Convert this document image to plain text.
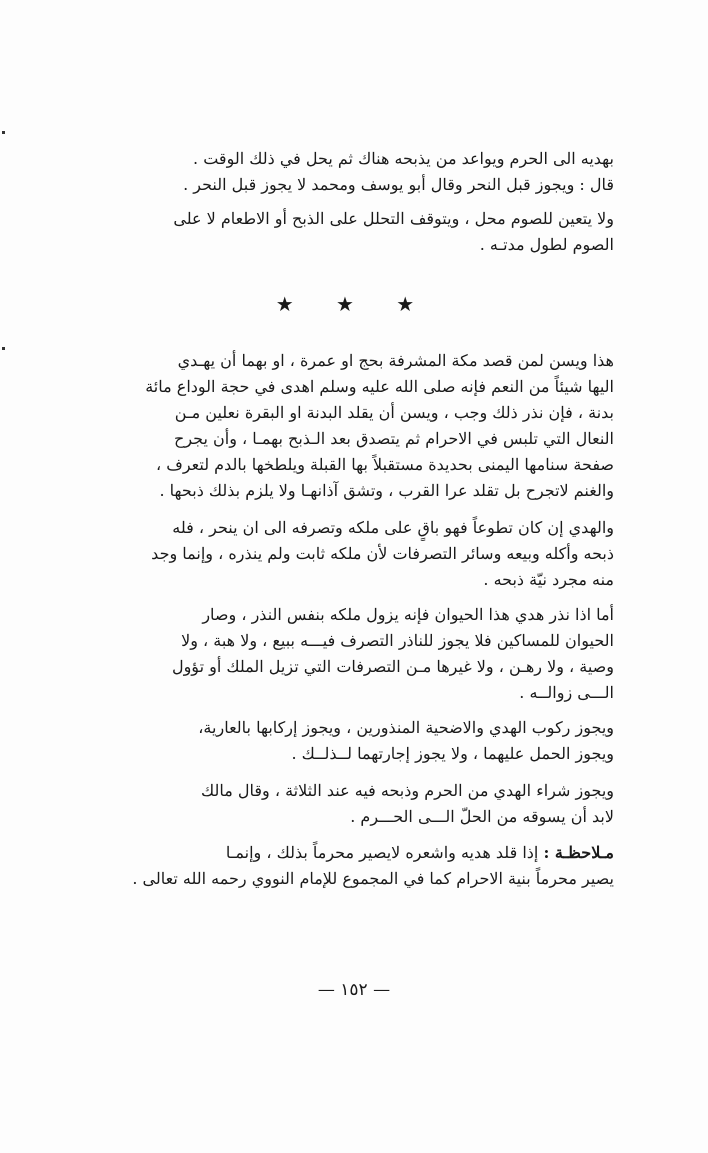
بهديه الى الحرم ويواعد من يذبحه هناك ثم يحل في ذلك الوقت .
قال : ويجوز قبل النحر وقال أبو يوسف ومحمد لا يجوز قبل النحر .
ولا يتعين للصوم محل ، ويتوقف التحلل على الذبح أو الاطعام لا على
الصوم لطول مدتـه .
★ ★ ★
هذا ويسن لمن قصد مكة المشرفة بحج او عمرة ، او بهما أن يهـدي
اليها شيئاً من النعم فإنه صلى الله عليه وسلم اهدى في حجة الوداع مائة
بدنة ، فإن نذر ذلك وجب ، ويسن أن يقلد البدنة او البقرة نعلين مـن
النعال التي تلبس في الاحرام ثم يتصدق بعد الـذبح بهمـا ، وأن يجرح
صفحة سنامها اليمنى بحديدة مستقبلاً بها القبلة ويلطخها بالدم لتعرف ،
والغنم لاتجرح بل تقلد عرا القرب ، وتشق آذانهـا ولا يلزم بذلك ذبحها .
والهدي إن كان تطوعاً فهو باقٍ على ملكه وتصرفه الى ان ينحر ، فله
ذبحه وأكله وبيعه وسائر التصرفات لأن ملكه ثابت ولم ينذره ، وإنما وجد
منه مجرد نيّة ذبحه .
أما اذا نذر هدي هذا الحيوان فإنه يزول ملكه بنفس النذر ، وصار
الحيوان للمساكين فلا يجوز للناذر التصرف فيـــه ببيع ، ولا هبة ، ولا
وصية ، ولا رهـن ، ولا غيرها مـن التصرفات التي تزيل الملك أو تؤول
الـــى زوالــه .
ويجوز ركوب الهدي والاضحية المنذورين ، ويجوز إركابها بالعارية،
ويجوز الحمل عليهما ، ولا يجوز إجارتهما لــذلــك .
ويجوز شراء الهدي من الحرم وذبحه فيه عند الثلاثة ، وقال مالك
لابد أن يسوقه من الحلّ الـــى الحـــرم .
مـلاحظـة : إذا قلد هديه واشعره لايصير محرماً بذلك ، وإنمـا
يصير محرماً بنية الاحرام كما في المجموع للإمام النووي رحمه الله تعالى .
— ١٥٢ —
